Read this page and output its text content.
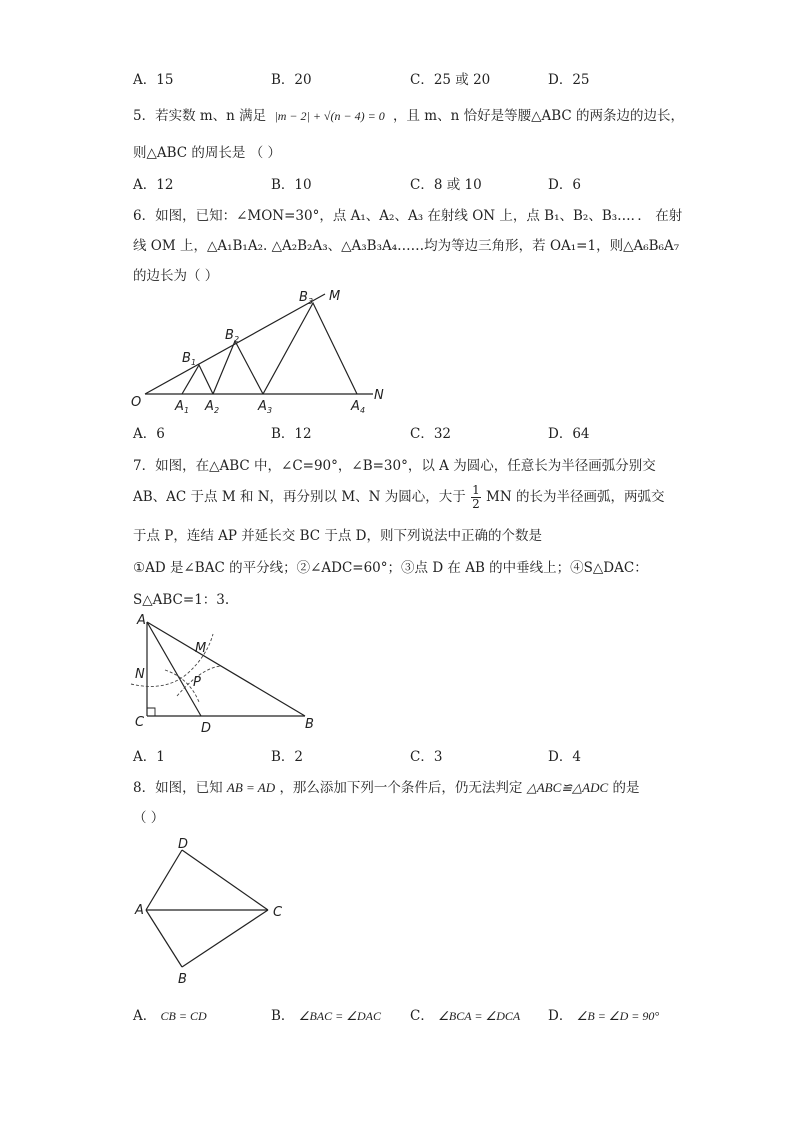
A．15	B．20	C．25 或 20	D．25
5．若实数 m、n 满足 |m − 2| + √(n − 4) = 0 ，且 m、n 恰好是等腰△ABC 的两条边的边长，
则△ABC 的周长是 （ ）
A．12	B．10	C．8 或 10	D．6
6．如图，已知：∠MON=30°，点 A₁、A₂、A₃ 在射线 ON 上，点 B₁、B₂、B₃…．． 在射
线 OM 上，△A₁B₁A₂. △A₂B₂A₃、△A₃B₃A₄……均为等边三角形，若 OA₁=1，则△A₆B₆A₇
的边长为（ ）
O	N
M
B 1
B 2
B 3
A 1 A 2	A 3	A 4
A．6	B．12	C．32	D．64
7．如图，在△ABC 中，∠C=90°，∠B=30°，以 A 为圆心，任意长为半径画弧分别交
AB、AC 于点 M 和 N，再分别以 M、N 为圆心，大于 $\frac{1}{2}$ MN 的长为半径画弧，两弧交
于点 P，连结 AP 并延长交 BC 于点 D，则下列说法中正确的个数是
①AD 是∠BAC 的平分线；②∠ADC=60°；③点 D 在 AB 的中垂线上；④S△DAC：
S△ABC=1：3.
A
B
C	D
M
N
P
A．1	B．2	C．3	D．4
8．如图，已知 AB = AD ，那么添加下列一个条件后，仍无法判定 △ABC≌△ADC 的是
（ ）
D
A	C
B
A． CB = CD	B． ∠BAC = ∠DAC C． ∠BCA = ∠DCA D． ∠B = ∠D = 90°
